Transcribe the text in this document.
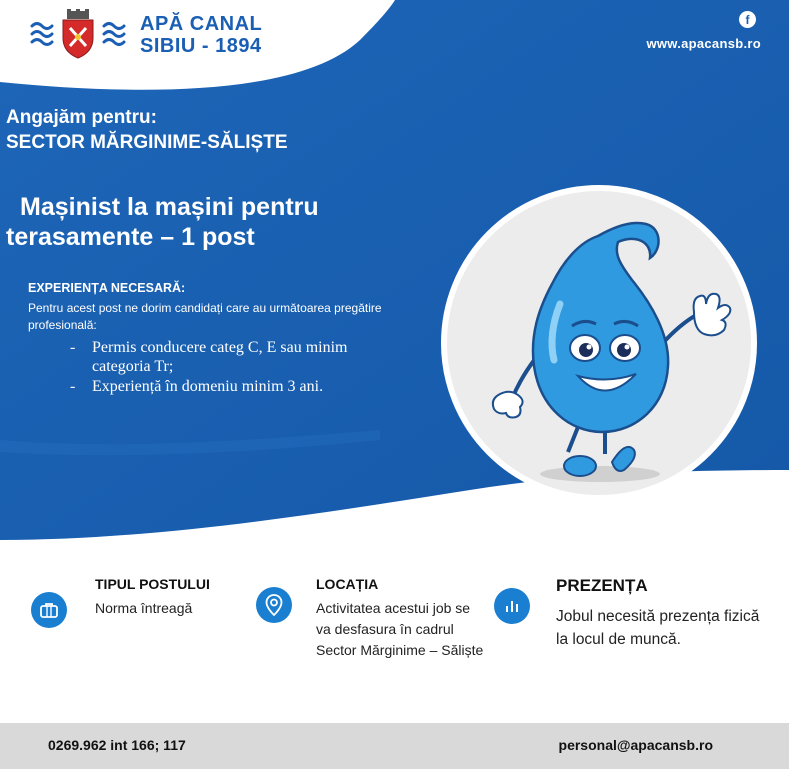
APĂ CANAL
SIBIU - 1894
f
www.apacansb.ro
Angajăm pentru:
SECTOR MĂRGINIME-SĂLIȘTE
Mașinist la mașini pentru
terasamente – 1 post
EXPERIENȚA NECESARĂ:
Pentru acest post ne dorim candidați care au următoarea pregătire profesională:
- Permis conducere categ C, E sau minim categoria Tr;
- Experiență în domeniu minim 3 ani.
TIPUL POSTULUI
Norma întreagă
LOCAȚIA
Activitatea acestui job se va desfasura în cadrul Sector Mărginime – Săliște
PREZENȚA
Jobul necesită prezența fizică la locul de muncă.
0269.962 int 166; 117	personal@apacansb.ro
